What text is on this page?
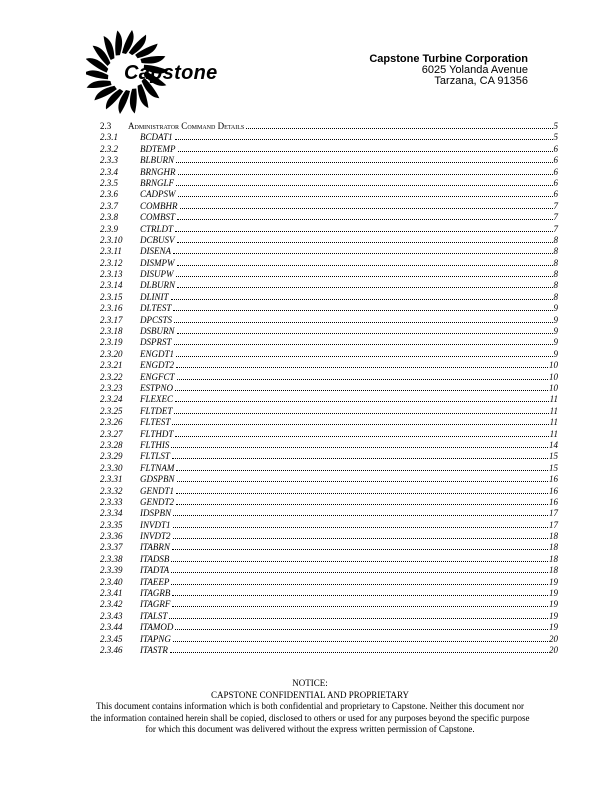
Capstone
Capstone Turbine Corporation
6025 Yolanda Avenue
Tarzana, CA 91356
2.3	Administrator Command Details	5
2.3.1	BCDAT1	5
2.3.2	BDTEMP	6
2.3.3	BLBURN	6
2.3.4	BRNGHR	6
2.3.5	BRNGLF	6
2.3.6	CADPSW	6
2.3.7	COMBHR	7
2.3.8	COMBST	7
2.3.9	CTRLDT	7
2.3.10	DCBUSV	8
2.3.11	DISENA	8
2.3.12	DISMPW	8
2.3.13	DISUPW	8
2.3.14	DLBURN	8
2.3.15	DLINIT	8
2.3.16	DLTEST	9
2.3.17	DPCSTS	9
2.3.18	DSBURN	9
2.3.19	DSPRST	9
2.3.20	ENGDT1	9
2.3.21	ENGDT2	10
2.3.22	ENGFCT	10
2.3.23	ESTPNO	10
2.3.24	FLEXEC	11
2.3.25	FLTDET	11
2.3.26	FLTEST	11
2.3.27	FLTHDT	11
2.3.28	FLTHIS	14
2.3.29	FLTLST	15
2.3.30	FLTNAM	15
2.3.31	GDSPBN	16
2.3.32	GENDT1	16
2.3.33	GENDT2	16
2.3.34	IDSPBN	17
2.3.35	INVDT1	17
2.3.36	INVDT2	18
2.3.37	ITABRN	18
2.3.38	ITADSB	18
2.3.39	ITADTA	18
2.3.40	ITAEEP	19
2.3.41	ITAGRB	19
2.3.42	ITAGRF	19
2.3.43	ITALST	19
2.3.44	ITAMOD	19
2.3.45	ITAPNG	20
2.3.46	ITASTR	20
NOTICE:
CAPSTONE CONFIDENTIAL AND PROPRIETARY
This document contains information which is both confidential and proprietary to Capstone. Neither this document nor the information contained herein shall be copied, disclosed to others or used for any purposes beyond the specific purpose for which this document was delivered without the express written permission of Capstone.
